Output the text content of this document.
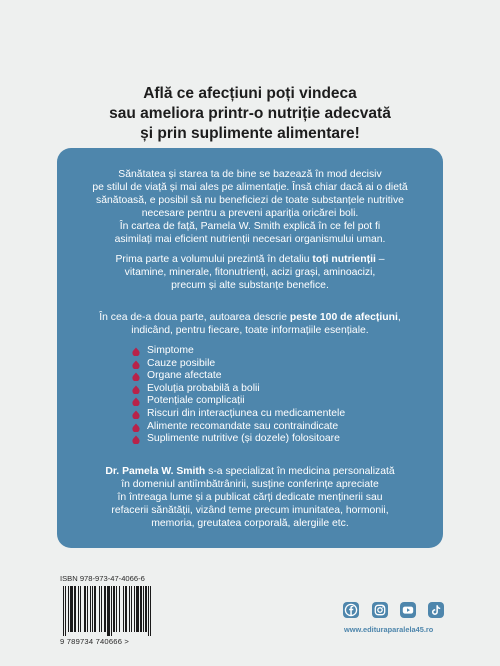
Află ce afecțiuni poți vindeca
sau ameliora printr-o nutriție adecvată
și prin suplimente alimentare!
Sănătatea și starea ta de bine se bazează în mod decisiv
pe stilul de viață și mai ales pe alimentație. Însă chiar dacă ai o dietă
sănătoasă, e posibil să nu beneficiezi de toate substanțele nutritive
necesare pentru a preveni apariția oricărei boli.
În cartea de față, Pamela W. Smith explică în ce fel pot fi
asimilați mai eficient nutrienții necesari organismului uman.
Prima parte a volumului prezintă în detaliu toți nutrienții –
vitamine, minerale, fitonutrienți, acizi grași, aminoacizi,
precum și alte substanțe benefice.
În cea de-a doua parte, autoarea descrie peste 100 de afecțiuni,
indicând, pentru fiecare, toate informațiile esențiale.
Simptome
Cauze posibile
Organe afectate
Evoluția probabilă a bolii
Potențiale complicații
Riscuri din interacțiunea cu medicamentele
Alimente recomandate sau contraindicate
Suplimente nutritive (și dozele) folositoare
Dr. Pamela W. Smith s-a specializat în medicina personalizată
în domeniul antiîmbătrânirii, susține conferințe apreciate
în întreaga lume și a publicat cărți dedicate menținerii sau
refacerii sănătății, vizând teme precum imunitatea, hormonii,
memoria, greutatea corporală, alergiile etc.
ISBN 978-973-47-4066-6
9 789734 740666 >
www.edituraparalela45.ro
